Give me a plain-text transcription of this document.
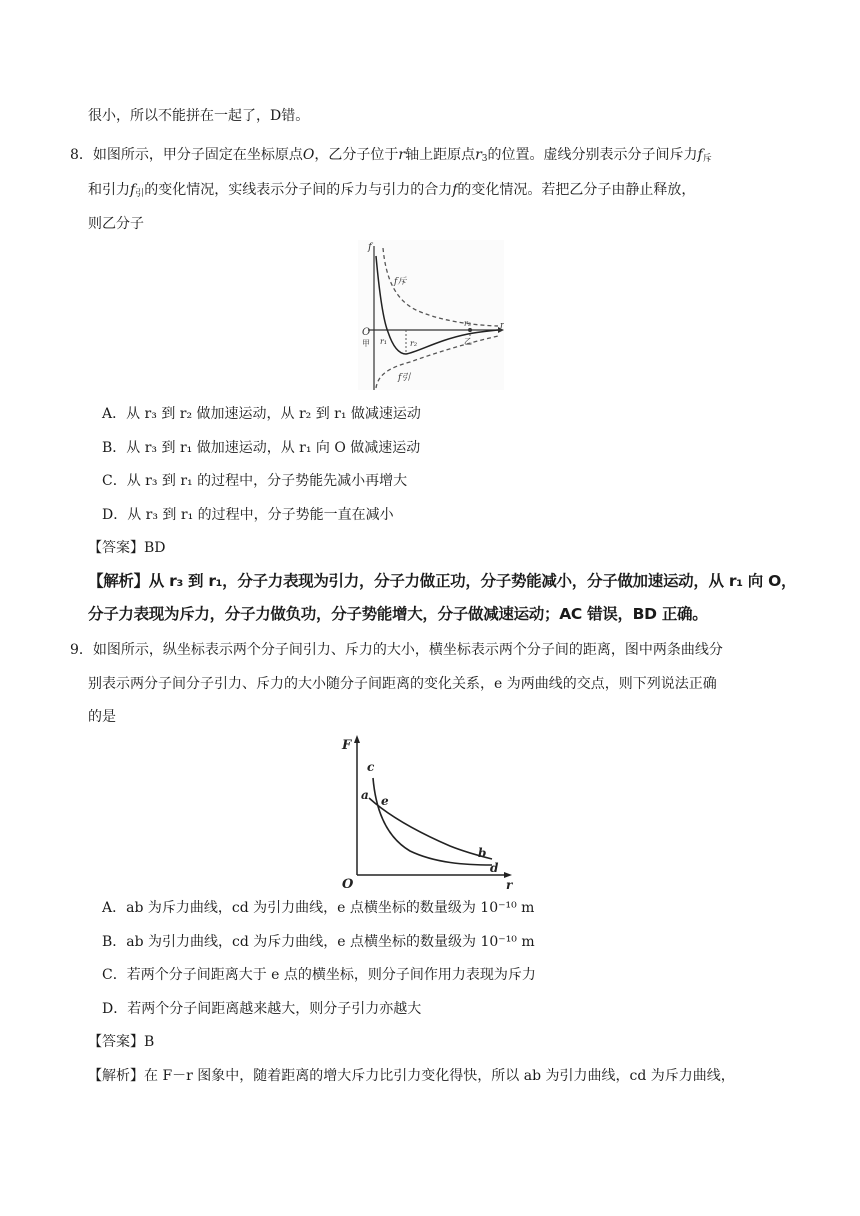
很小，所以不能拼在一起了，D错。
8．如图所示，甲分子固定在坐标原点O，乙分子位于r轴上距原点$r_3$的位置。虚线分别表示分子间斥力$f_斥$
和引力$f_引$的变化情况，实线表示分子间的斥力与引力的合力f的变化情况。若把乙分子由静止释放，
则乙分子
f
f斥
f引
O
甲
r
r₁	r₂
r₃
乙
A．从 r₃ 到 r₂ 做加速运动，从 r₂ 到 r₁ 做减速运动
B．从 r₃ 到 r₁ 做加速运动，从 r₁ 向 O 做减速运动
C．从 r₃ 到 r₁ 的过程中，分子势能先减小再增大
D．从 r₃ 到 r₁ 的过程中，分子势能一直在减小
【答案】BD
【解析】从 r₃ 到 r₁，分子力表现为引力，分子力做正功，分子势能减小，分子做加速运动，从 r₁ 向 O，
分子力表现为斥力，分子力做负功，分子势能增大，分子做减速运动；AC 错误，BD 正确。
9．如图所示，纵坐标表示两个分子间引力、斥力的大小，横坐标表示两个分子间的距离，图中两条曲线分
别表示两分子间分子引力、斥力的大小随分子间距离的变化关系，e 为两曲线的交点，则下列说法正确
的是
c
a e
b
d
F
O	r
A．ab 为斥力曲线，cd 为引力曲线，e 点横坐标的数量级为 10⁻¹⁰ m
B．ab 为引力曲线，cd 为斥力曲线，e 点横坐标的数量级为 10⁻¹⁰ m
C．若两个分子间距离大于 e 点的横坐标，则分子间作用力表现为斥力
D．若两个分子间距离越来越大，则分子引力亦越大
【答案】B
【解析】在 F－r 图象中，随着距离的增大斥力比引力变化得快，所以 ab 为引力曲线，cd 为斥力曲线，
